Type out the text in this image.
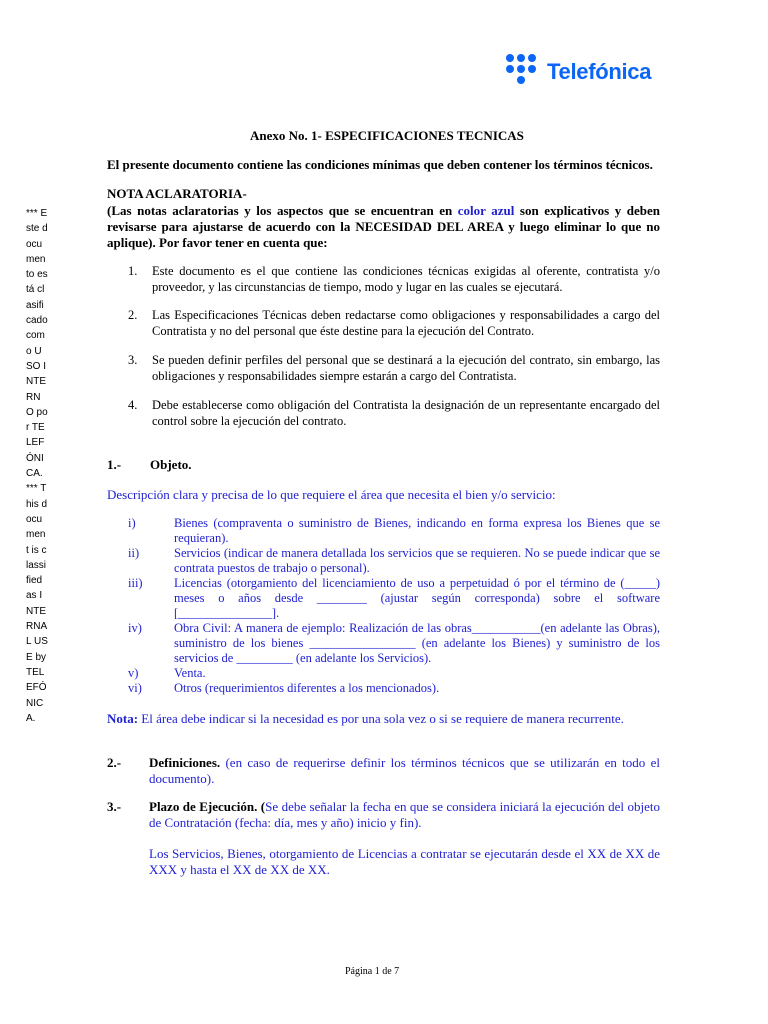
Telefónica
*** Este documento está clasificado como USO INTERNO por TELEFÓNICA. *** This document is classified as INTERNAL USE by TELEFÓNICA.
Anexo No. 1- ESPECIFICACIONES TECNICAS
El presente documento contiene las condiciones mínimas que deben contener los términos técnicos.
NOTA ACLARATORIA-
(Las notas aclaratorias y los aspectos que se encuentran en color azul son explicativos y deben revisarse para ajustarse de acuerdo con la NECESIDAD DEL AREA y luego eliminar lo que no aplique). Por favor tener en cuenta que:
1. Este documento es el que contiene las condiciones técnicas exigidas al oferente, contratista y/o proveedor, y las circunstancias de tiempo, modo y lugar en las cuales se ejecutará.
2. Las Especificaciones Técnicas deben redactarse como obligaciones y responsabilidades a cargo del Contratista y no del personal que éste destine para la ejecución del Contrato.
3. Se pueden definir perfiles del personal que se destinará a la ejecución del contrato, sin embargo, las obligaciones y responsabilidades siempre estarán a cargo del Contratista.
4. Debe establecerse como obligación del Contratista la designación de un representante encargado del control sobre la ejecución del contrato.
1.- Objeto.
Descripción clara y precisa de lo que requiere el área que necesita el bien y/o servicio:
i)	Bienes (compraventa o suministro de Bienes, indicando en forma expresa los Bienes que se requieran).
ii)	Servicios (indicar de manera detallada los servicios que se requieren. No se puede indicar que se contrata puestos de trabajo o personal).
iii)	Licencias (otorgamiento del licenciamiento de uso a perpetuidad ó por el término de (_____) meses o años desde ________ (ajustar según corresponda) sobre el software [_______________].
iv)	Obra Civil: A manera de ejemplo: Realización de las obras___________(en adelante las Obras), suministro de los bienes _________________ (en adelante los Bienes) y suministro de los servicios de _________ (en adelante los Servicios).
v)	Venta.
vi)	Otros (requerimientos diferentes a los mencionados).
Nota: El área debe indicar si la necesidad es por una sola vez o si se requiere de manera recurrente.
2.- Definiciones. (en caso de requerirse definir los términos técnicos que se utilizarán en todo el documento).
3.- Plazo de Ejecución. (Se debe señalar la fecha en que se considera iniciará la ejecución del objeto de Contratación (fecha: día, mes y año) inicio y fin).
Los Servicios, Bienes, otorgamiento de Licencias a contratar se ejecutarán desde el XX de XX de XXX y hasta el XX de XX de XX.
Página 1 de 7
